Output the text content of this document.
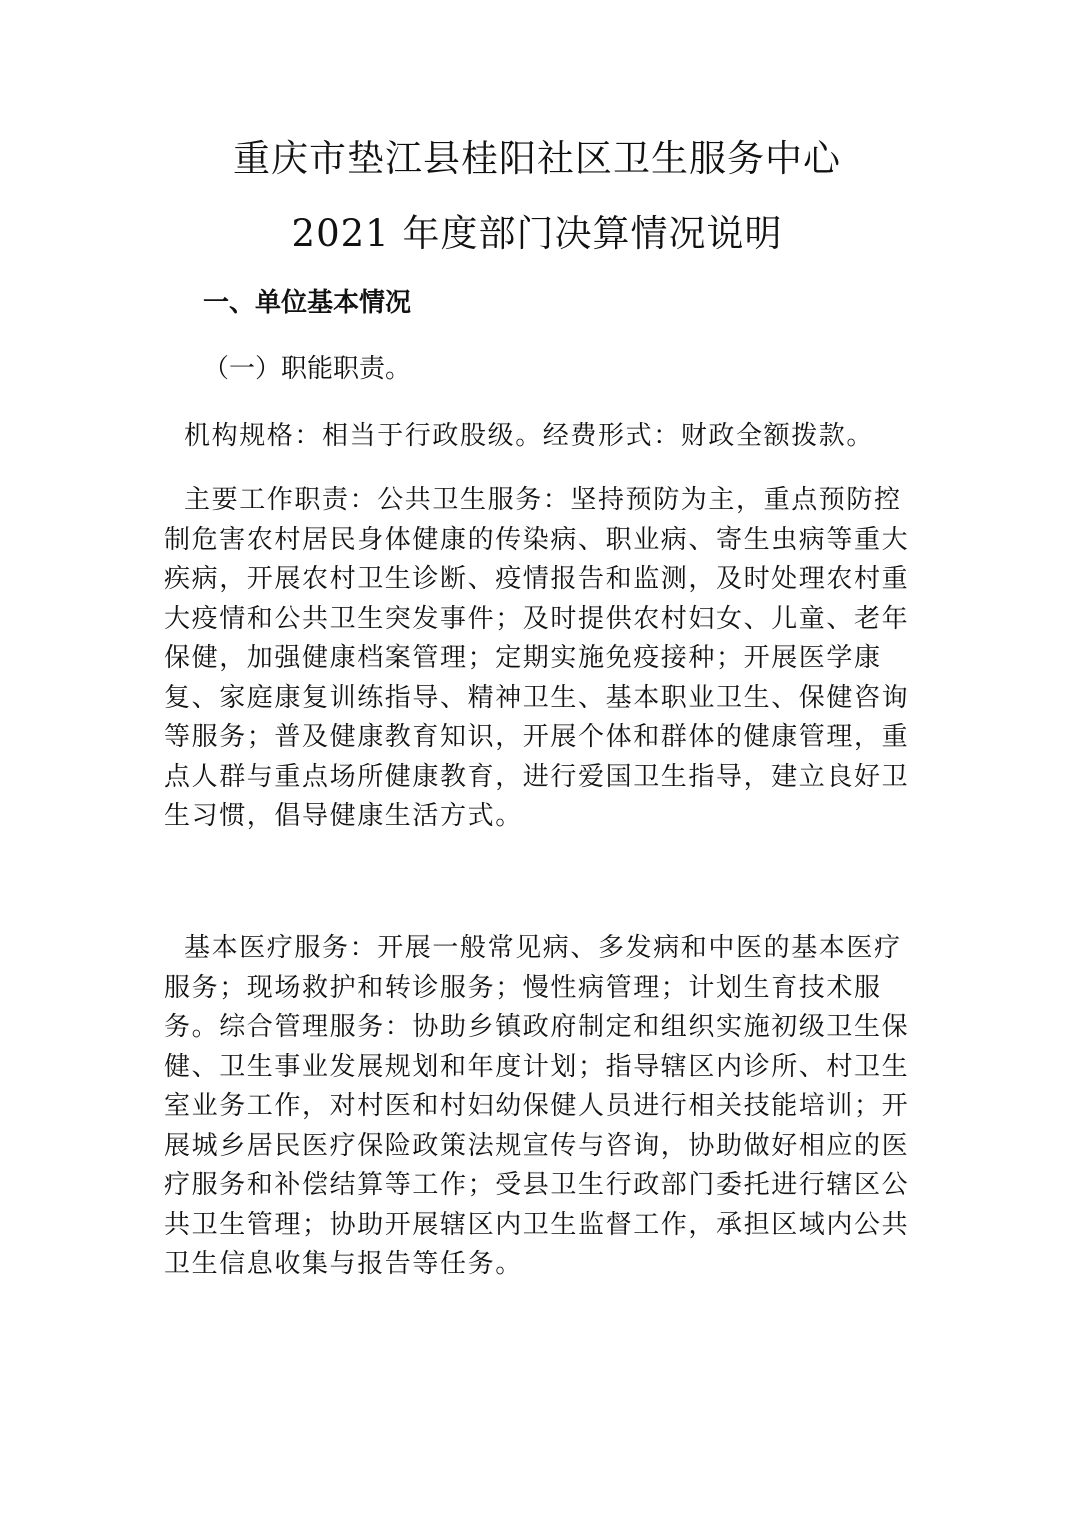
重庆市垫江县桂阳社区卫生服务中心
2021 年度部门决算情况说明
一、单位基本情况
（一）职能职责。

机构规格：相当于行政股级。经费形式：财政全额拨款。

主要工作职责：公共卫生服务：坚持预防为主，重点预防控制危害农村居民身体健康的传染病、职业病、寄生虫病等重大疾病，开展农村卫生诊断、疫情报告和监测，及时处理农村重大疫情和公共卫生突发事件；及时提供农村妇女、儿童、老年保健，加强健康档案管理；定期实施免疫接种；开展医学康复、家庭康复训练指导、精神卫生、基本职业卫生、保健咨询等服务；普及健康教育知识，开展个体和群体的健康管理，重点人群与重点场所健康教育，进行爱国卫生指导，建立良好卫生习惯，倡导健康生活方式。

基本医疗服务：开展一般常见病、多发病和中医的基本医疗服务；现场救护和转诊服务；慢性病管理；计划生育技术服务。综合管理服务：协助乡镇政府制定和组织实施初级卫生保健、卫生事业发展规划和年度计划；指导辖区内诊所、村卫生室业务工作，对村医和村妇幼保健人员进行相关技能培训；开展城乡居民医疗保险政策法规宣传与咨询，协助做好相应的医疗服务和补偿结算等工作；受县卫生行政部门委托进行辖区公共卫生管理；协助开展辖区内卫生监督工作，承担区域内公共卫生信息收集与报告等任务。
